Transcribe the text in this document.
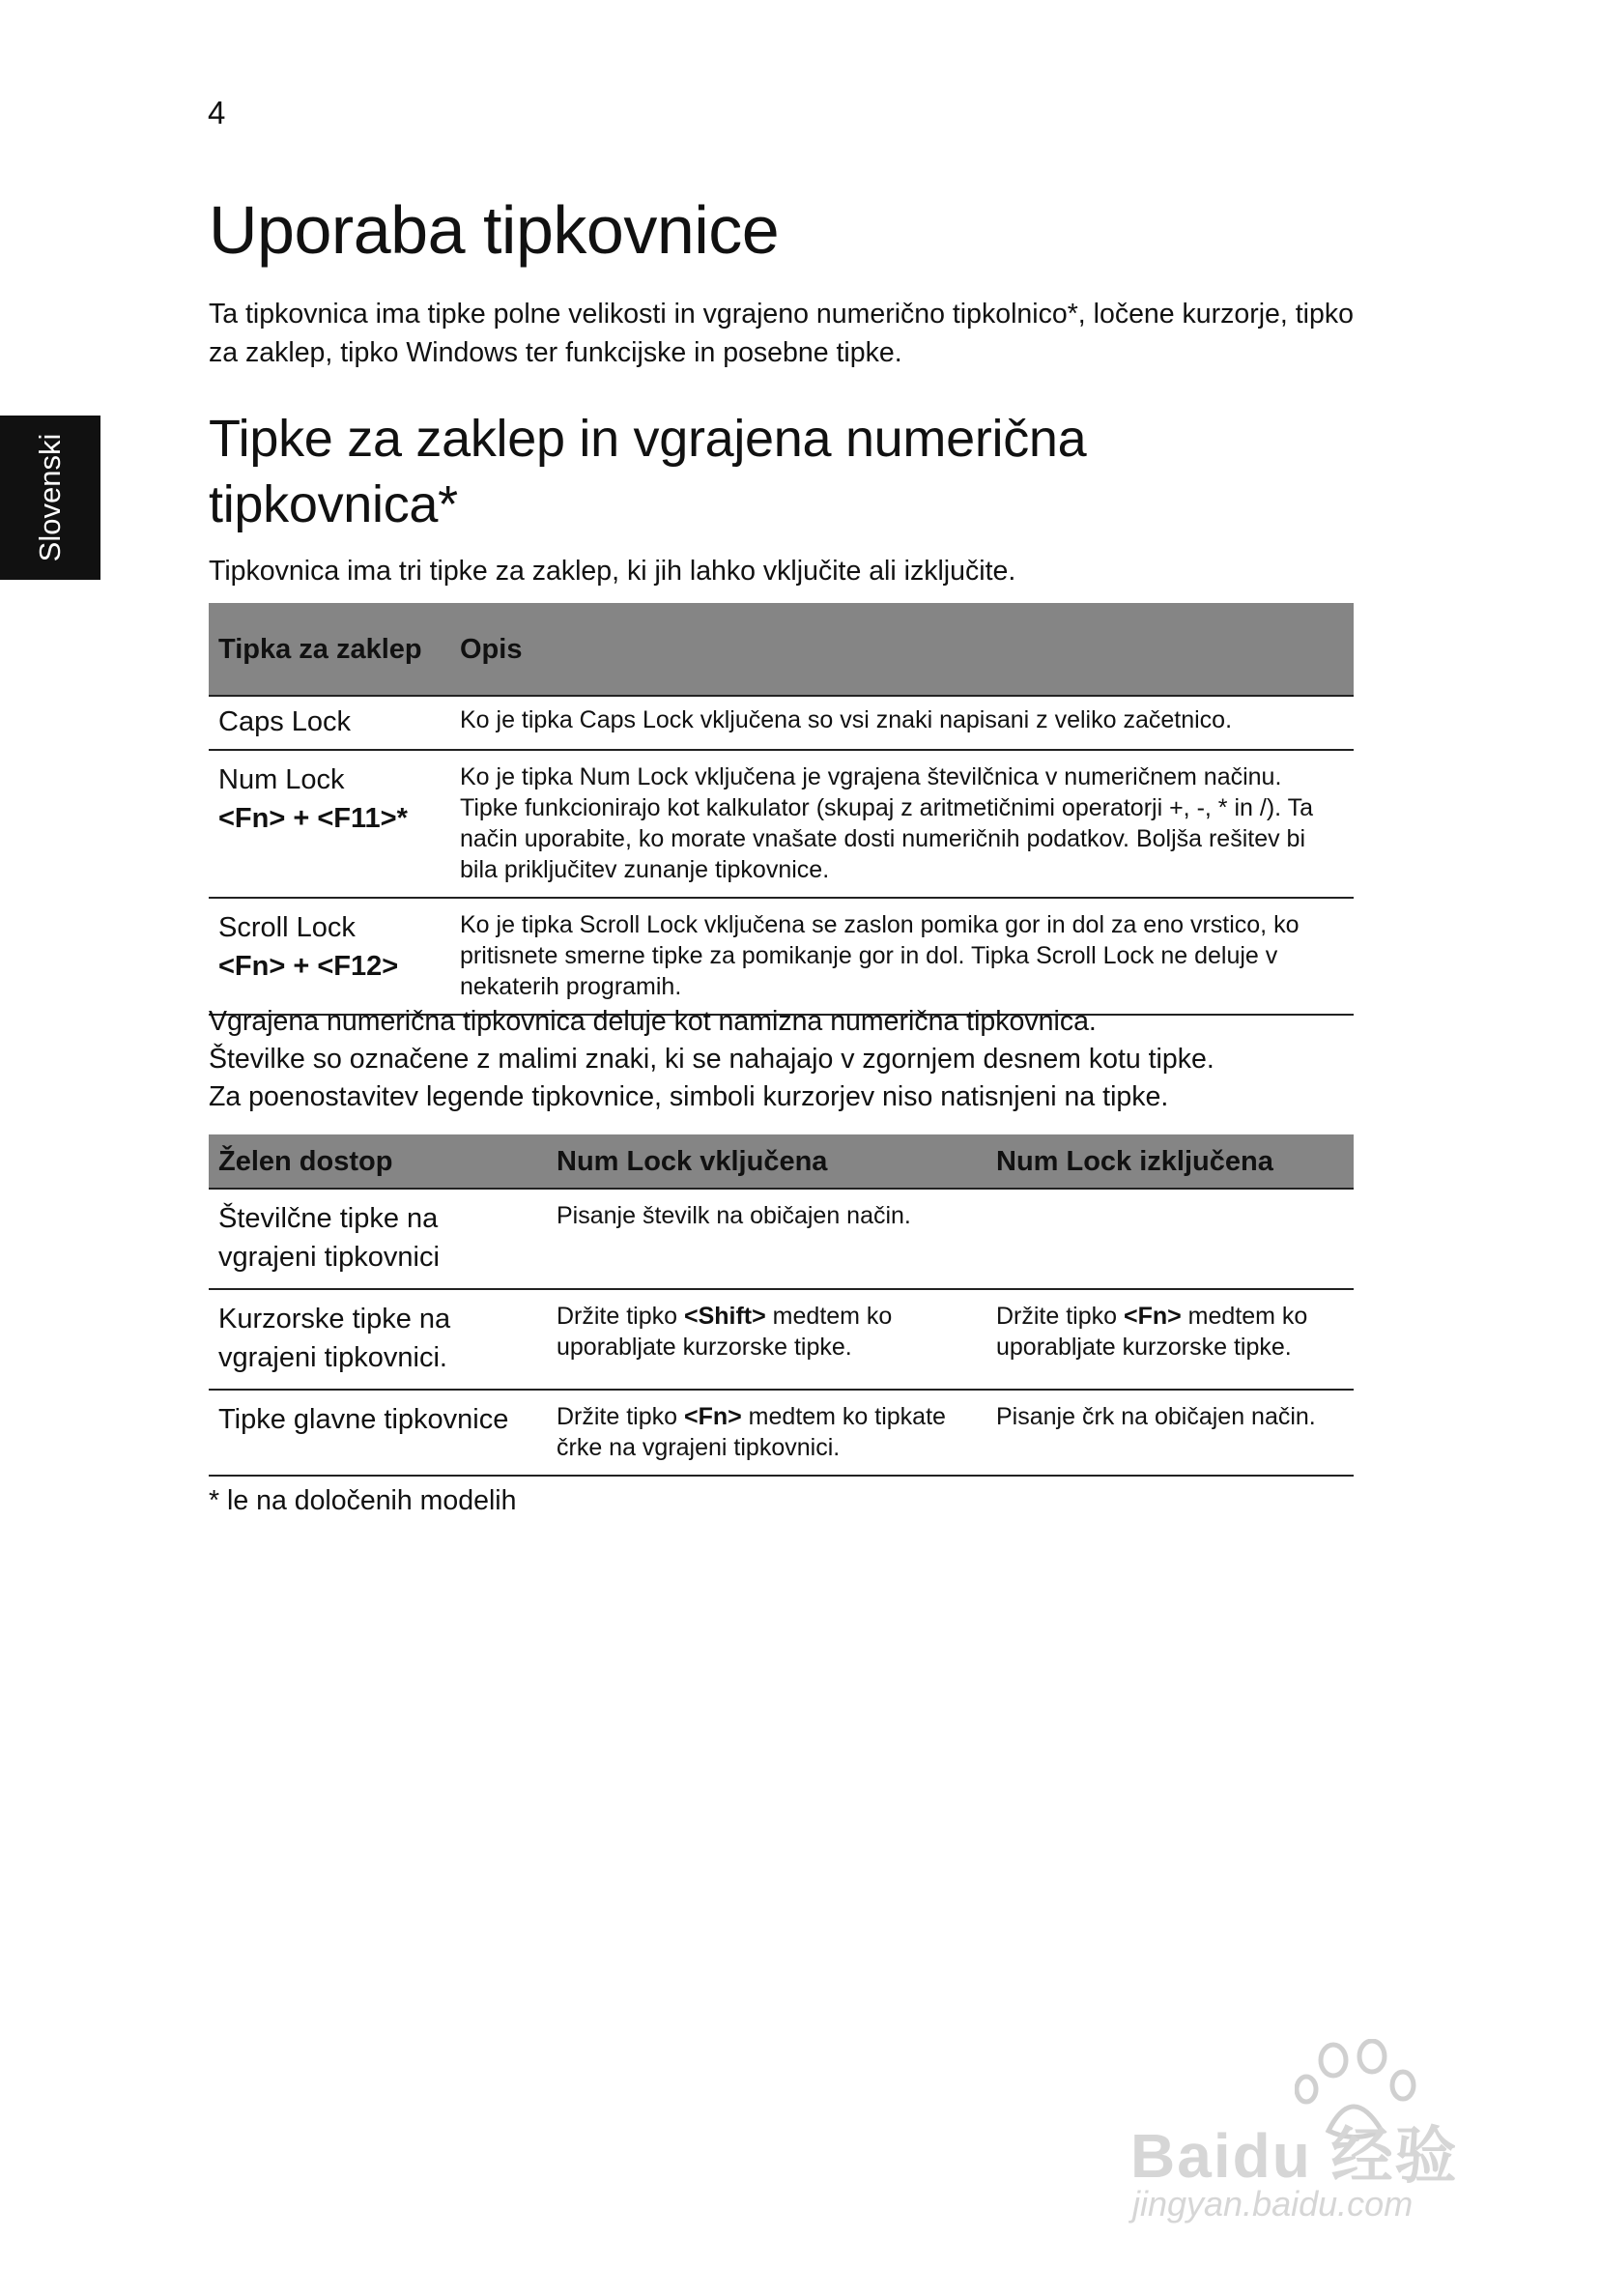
4
Slovenski
Uporaba tipkovnice

Ta tipkovnica ima tipke polne velikosti in vgrajeno numerično tipkolnico*, ločene kurzorje, tipko za zaklep, tipko Windows ter funkcijske in posebne tipke.

Tipke za zaklep in vgrajena numerična tipkovnica*

Tipkovnica ima tri tipke za zaklep, ki jih lahko vključite ali izključite.

Tipka za zaklep	Opis

Caps Lock	Ko je tipka Caps Lock vključena so vsi znaki napisani z veliko začetnico.

Num Lock
<Fn> + <F11>*	Ko je tipka Num Lock vključena je vgrajena številčnica v numeričnem načinu. Tipke funkcionirajo kot kalkulator (skupaj z aritmetičnimi operatorji +, -, * in /). Ta način uporabite, ko morate vnašate dosti numeričnih podatkov. Boljša rešitev bi bila priključitev zunanje tipkovnice.

Scroll Lock
<Fn> + <F12>	Ko je tipka Scroll Lock vključena se zaslon pomika gor in dol za eno vrstico, ko pritisnete smerne tipke za pomikanje gor in dol. Tipka Scroll Lock ne deluje v nekaterih programih.

Vgrajena numerična tipkovnica deluje kot namizna numerična tipkovnica.

Številke so označene z malimi znaki, ki se nahajajo v zgornjem desnem kotu tipke.

Za poenostavitev legende tipkovnice, simboli kurzorjev niso natisnjeni na tipke.

Želen dostop	Num Lock vključena	Num Lock izključena
Številčne tipke na vgrajeni tipkovnici	Pisanje številk na običajen način.	
Kurzorske tipke na vgrajeni tipkovnici.	Držite tipko <Shift> medtem ko uporabljate kurzorske tipke.	Držite tipko <Fn> medtem ko uporabljate kurzorske tipke.
Tipke glavne tipkovnice	Držite tipko <Fn> medtem ko tipkate črke na vgrajeni tipkovnici.	Pisanje črk na običajen način.

* le na določenih modelih

Baidu 经验
jingyan.baidu.com
